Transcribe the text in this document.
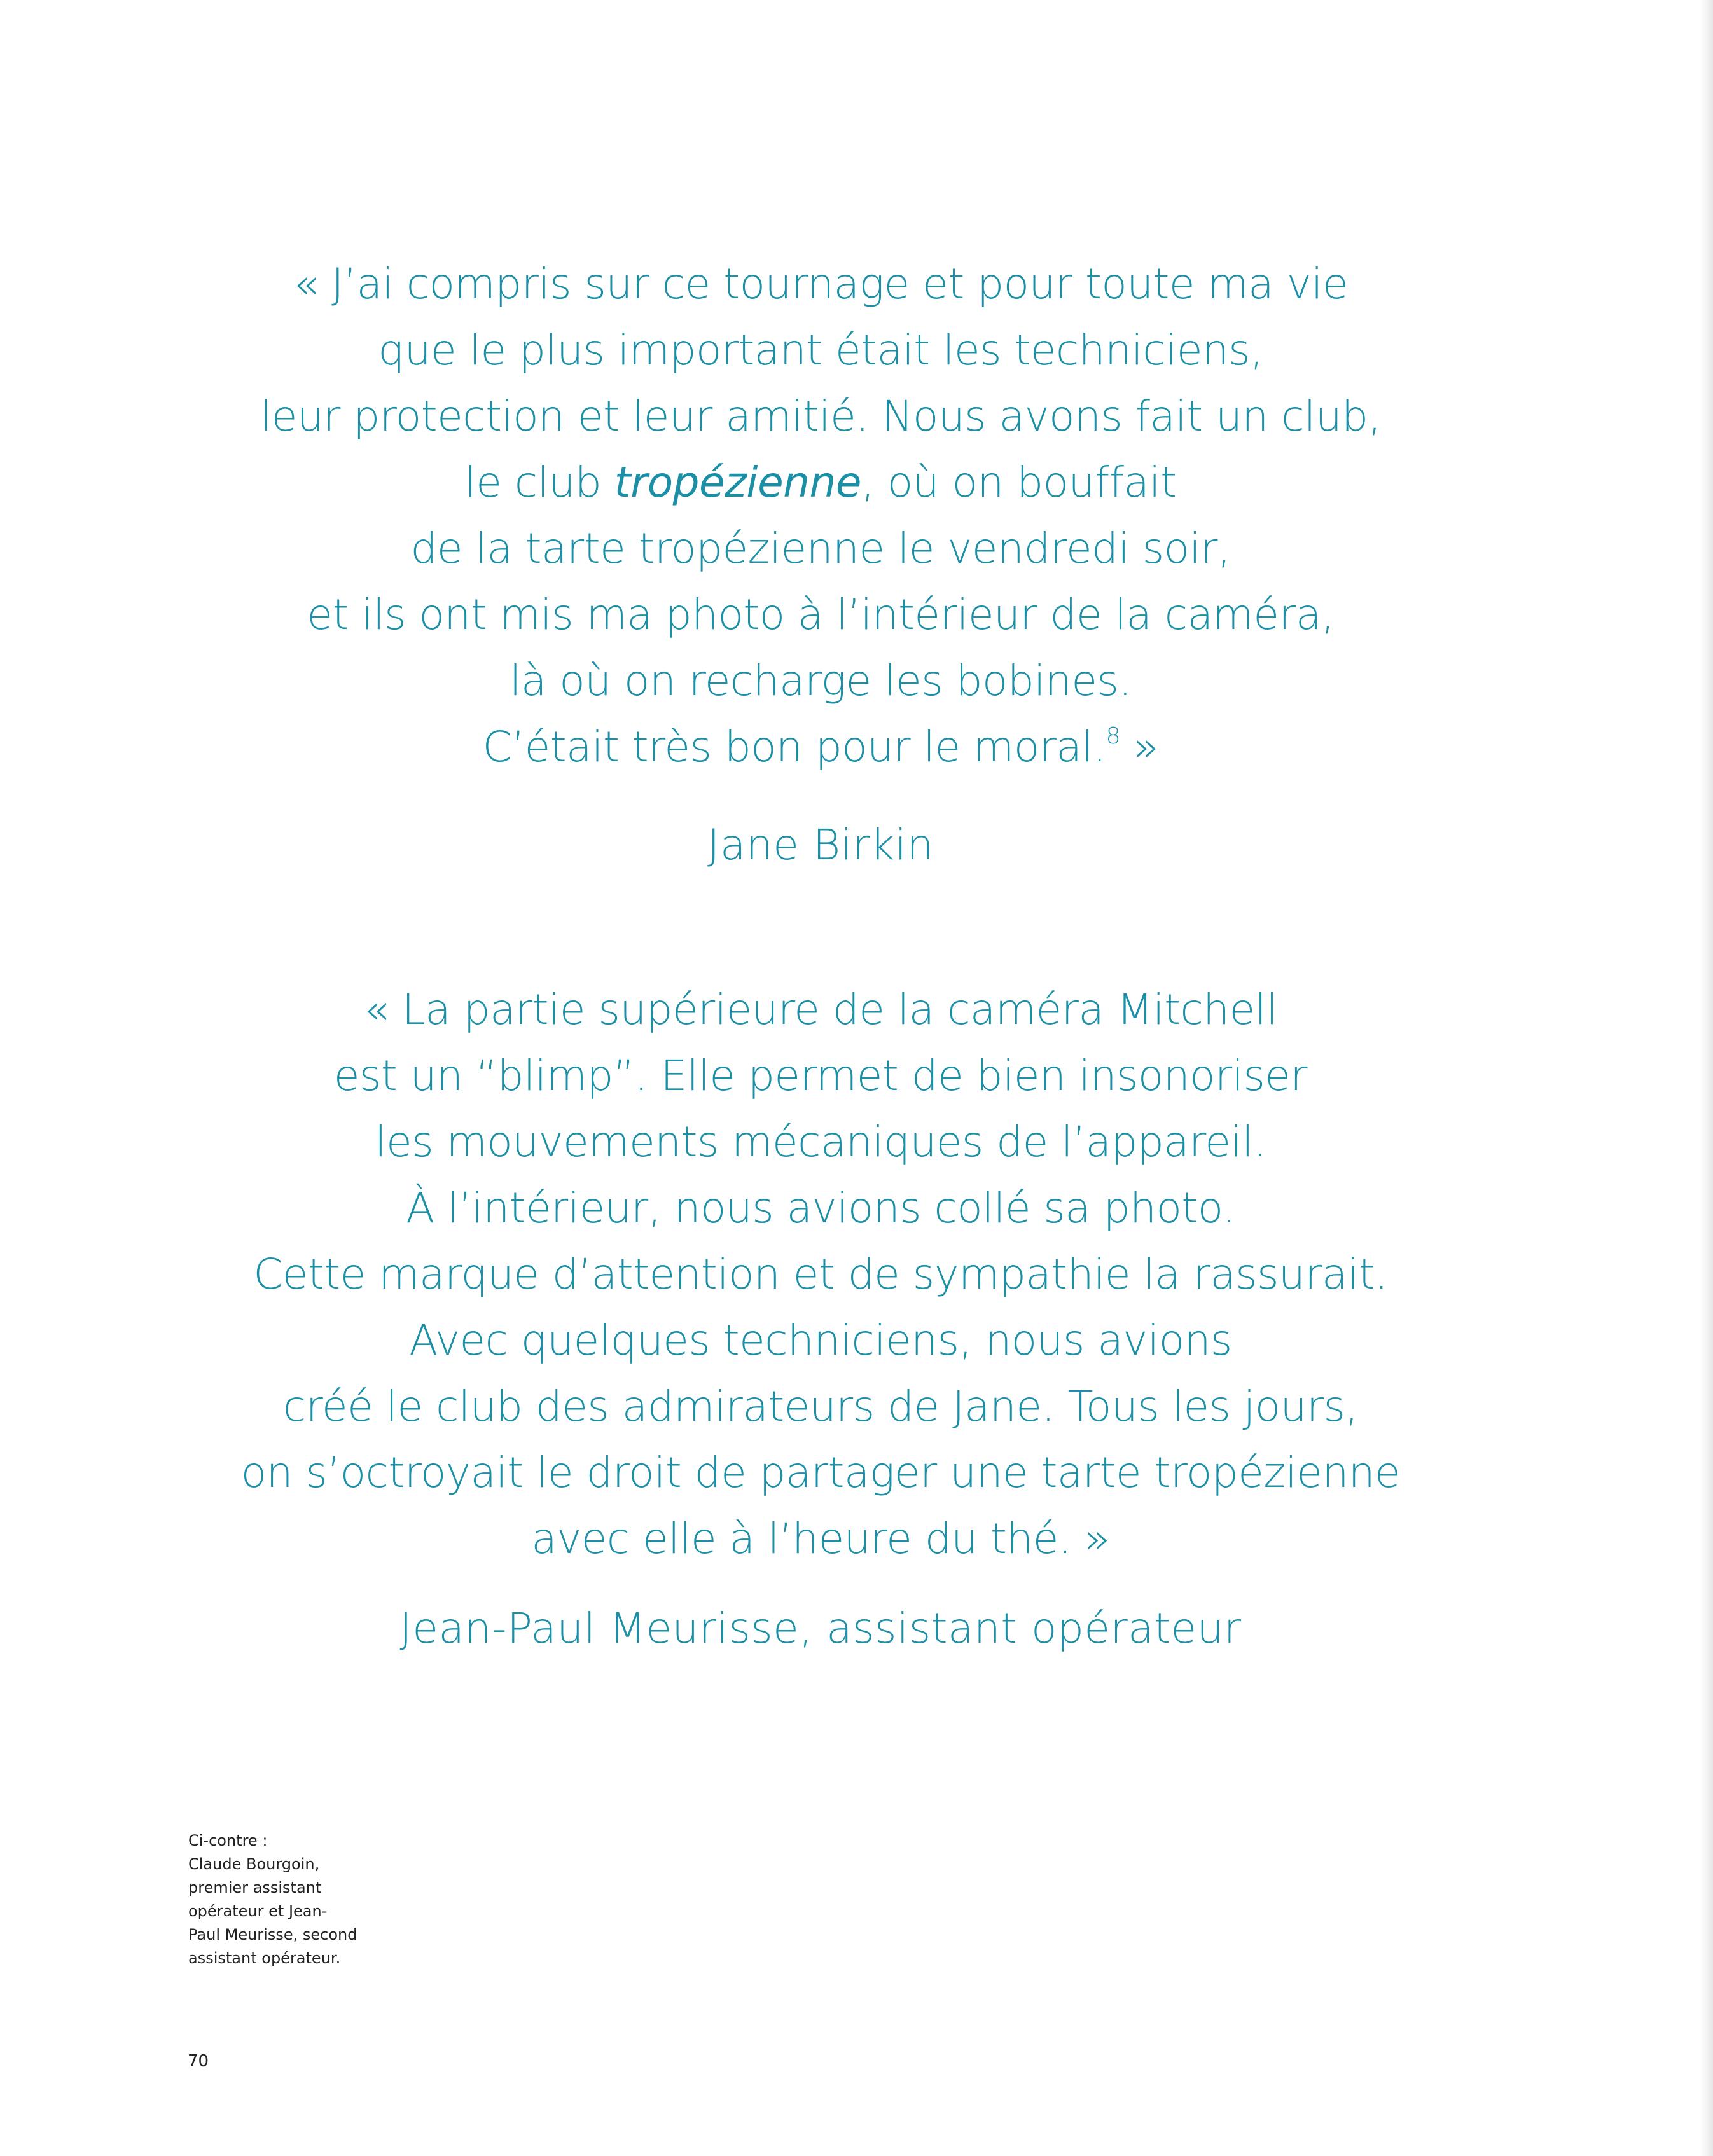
« J’ai compris sur ce tournage et pour toute ma vie
que le plus important était les techniciens,
leur protection et leur amitié. Nous avons fait un club,
le club tropézienne, où on bouffait
de la tarte tropézienne le vendredi soir,
et ils ont mis ma photo à l’intérieur de la caméra,
là où on recharge les bobines.
C’était très bon pour le moral.$^8$ »
Jane Birkin
« La partie supérieure de la caméra Mitchell
est un “blimp”. Elle permet de bien insonoriser
les mouvements mécaniques de l’appareil.
À l’intérieur, nous avions collé sa photo.
Cette marque d’attention et de sympathie la rassurait.
Avec quelques techniciens, nous avions
créé le club des admirateurs de Jane. Tous les jours,
on s’octroyait le droit de partager une tarte tropézienne
avec elle à l’heure du thé. »
Jean-Paul Meurisse, assistant opérateur
Ci-contre :
Claude Bourgoin,
premier assistant
opérateur et Jean-
Paul Meurisse, second
assistant opérateur.
70
